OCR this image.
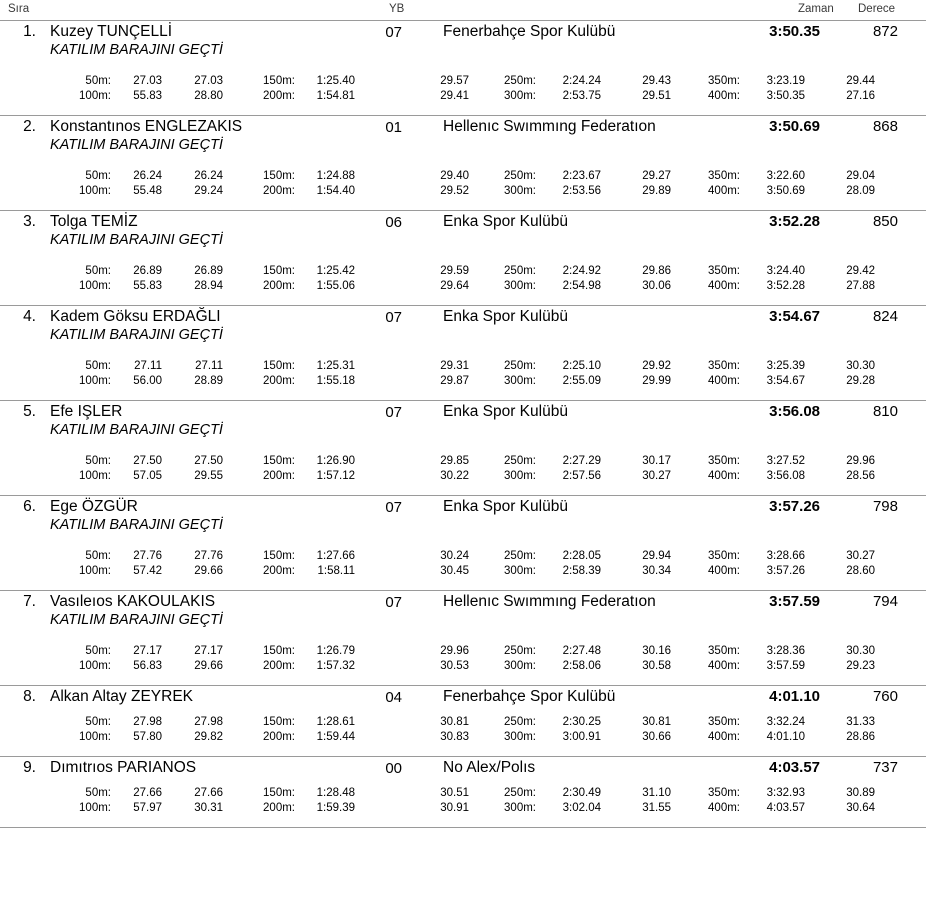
Sıra	YB	Zaman Derece
1. Kuzey TUNÇELLİ	07	Fenerbahçe Spor Kulübü	3:50.35	872
KATILIM BARAJINI GEÇTİ
50m:	27.03	27.03	150m:	1:25.40	29.57	250m:	2:24.24	29.43	350m:	3:23.19	29.44
100m:	55.83	28.80	200m:	1:54.81	29.41	300m:	2:53.75	29.51	400m:	3:50.35	27.16
2. Konstantınos ENGLEZAKIS	01	Hellenıc Swımmıng Federatıon	3:50.69	868
KATILIM BARAJINI GEÇTİ
50m:	26.24	26.24	150m:	1:24.88	29.40	250m:	2:23.67	29.27	350m:	3:22.60	29.04
100m:	55.48	29.24	200m:	1:54.40	29.52	300m:	2:53.56	29.89	400m:	3:50.69	28.09
3. Tolga TEMİZ	06	Enka Spor Kulübü	3:52.28	850
KATILIM BARAJINI GEÇTİ
50m:	26.89	26.89	150m:	1:25.42	29.59	250m:	2:24.92	29.86	350m:	3:24.40	29.42
100m:	55.83	28.94	200m:	1:55.06	29.64	300m:	2:54.98	30.06	400m:	3:52.28	27.88
4. Kadem Göksu ERDAĞLI	07	Enka Spor Kulübü	3:54.67	824
KATILIM BARAJINI GEÇTİ
50m:	27.11	27.11	150m:	1:25.31	29.31	250m:	2:25.10	29.92	350m:	3:25.39	30.30
100m:	56.00	28.89	200m:	1:55.18	29.87	300m:	2:55.09	29.99	400m:	3:54.67	29.28
5. Efe IŞLER	07	Enka Spor Kulübü	3:56.08	810
KATILIM BARAJINI GEÇTİ
50m:	27.50	27.50	150m:	1:26.90	29.85	250m:	2:27.29	30.17	350m:	3:27.52	29.96
100m:	57.05	29.55	200m:	1:57.12	30.22	300m:	2:57.56	30.27	400m:	3:56.08	28.56
6. Ege ÖZGÜR	07	Enka Spor Kulübü	3:57.26	798
KATILIM BARAJINI GEÇTİ
50m:	27.76	27.76	150m:	1:27.66	30.24	250m:	2:28.05	29.94	350m:	3:28.66	30.27
100m:	57.42	29.66	200m:	1:58.11	30.45	300m:	2:58.39	30.34	400m:	3:57.26	28.60
7. Vasıleıos KAKOULAKIS	07	Hellenıc Swımmıng Federatıon	3:57.59	794
KATILIM BARAJINI GEÇTİ
50m:	27.17	27.17	150m:	1:26.79	29.96	250m:	2:27.48	30.16	350m:	3:28.36	30.30
100m:	56.83	29.66	200m:	1:57.32	30.53	300m:	2:58.06	30.58	400m:	3:57.59	29.23
8. Alkan Altay ZEYREK	04	Fenerbahçe Spor Kulübü	4:01.10	760
50m:	27.98	27.98	150m:	1:28.61	30.81	250m:	2:30.25	30.81	350m:	3:32.24	31.33
100m:	57.80	29.82	200m:	1:59.44	30.83	300m:	3:00.91	30.66	400m:	4:01.10	28.86
9. Dımıtrıos PARIANOS	00	No Alex/Polıs	4:03.57	737
50m:	27.66	27.66	150m:	1:28.48	30.51	250m:	2:30.49	31.10	350m:	3:32.93	30.89
100m:	57.97	30.31	200m:	1:59.39	30.91	300m:	3:02.04	31.55	400m:	4:03.57	30.64
